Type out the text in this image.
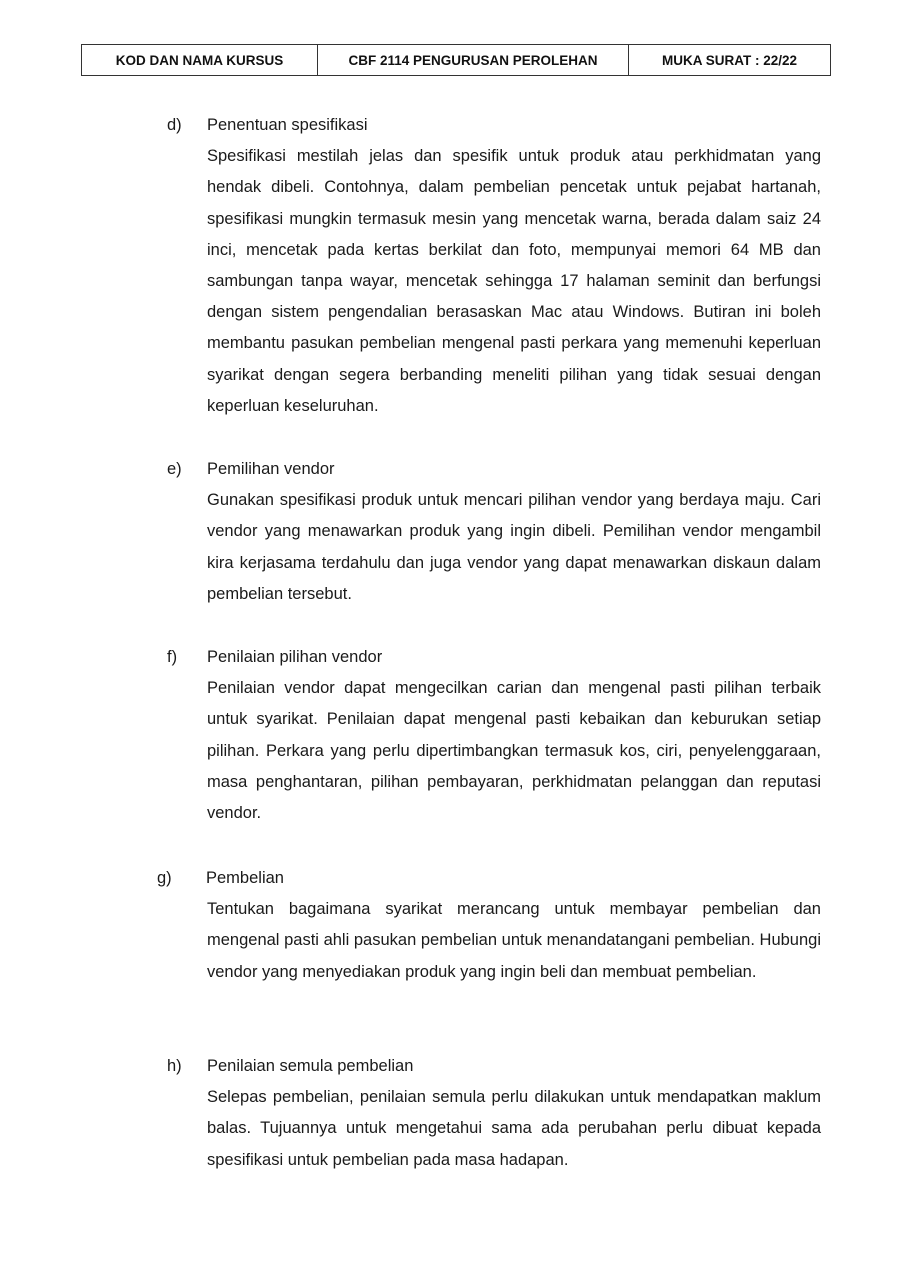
KOD DAN NAMA KURSUS	CBF 2114 PENGURUSAN PEROLEHAN	MUKA SURAT : 22/22
d) Penentuan spesifikasi
Spesifikasi mestilah jelas dan spesifik untuk produk atau perkhidmatan yang hendak dibeli. Contohnya, dalam pembelian pencetak untuk pejabat hartanah, spesifikasi mungkin termasuk mesin yang mencetak warna, berada dalam saiz 24 inci, mencetak pada kertas berkilat dan foto, mempunyai memori 64 MB dan sambungan tanpa wayar, mencetak sehingga 17 halaman seminit dan berfungsi dengan sistem pengendalian berasaskan Mac atau Windows. Butiran ini boleh membantu pasukan pembelian mengenal pasti perkara yang memenuhi keperluan syarikat dengan segera berbanding meneliti pilihan yang tidak sesuai dengan keperluan keseluruhan.
e) Pemilihan vendor
Gunakan spesifikasi produk untuk mencari pilihan vendor yang berdaya maju. Cari vendor yang menawarkan produk yang ingin dibeli. Pemilihan vendor mengambil kira kerjasama terdahulu dan juga vendor yang dapat menawarkan diskaun dalam pembelian tersebut.
f) Penilaian pilihan vendor
Penilaian vendor dapat mengecilkan carian dan mengenal pasti pilihan terbaik untuk syarikat. Penilaian dapat mengenal pasti kebaikan dan keburukan setiap pilihan. Perkara yang perlu dipertimbangkan termasuk kos, ciri, penyelenggaraan, masa penghantaran, pilihan pembayaran, perkhidmatan pelanggan dan reputasi vendor.
g) Pembelian
Tentukan bagaimana syarikat merancang untuk membayar pembelian dan mengenal pasti ahli pasukan pembelian untuk menandatangani pembelian. Hubungi vendor yang menyediakan produk yang ingin beli dan membuat pembelian.
h) Penilaian semula pembelian
Selepas pembelian, penilaian semula perlu dilakukan untuk mendapatkan maklum balas. Tujuannya untuk mengetahui sama ada perubahan perlu dibuat kepada spesifikasi untuk pembelian pada masa hadapan.
